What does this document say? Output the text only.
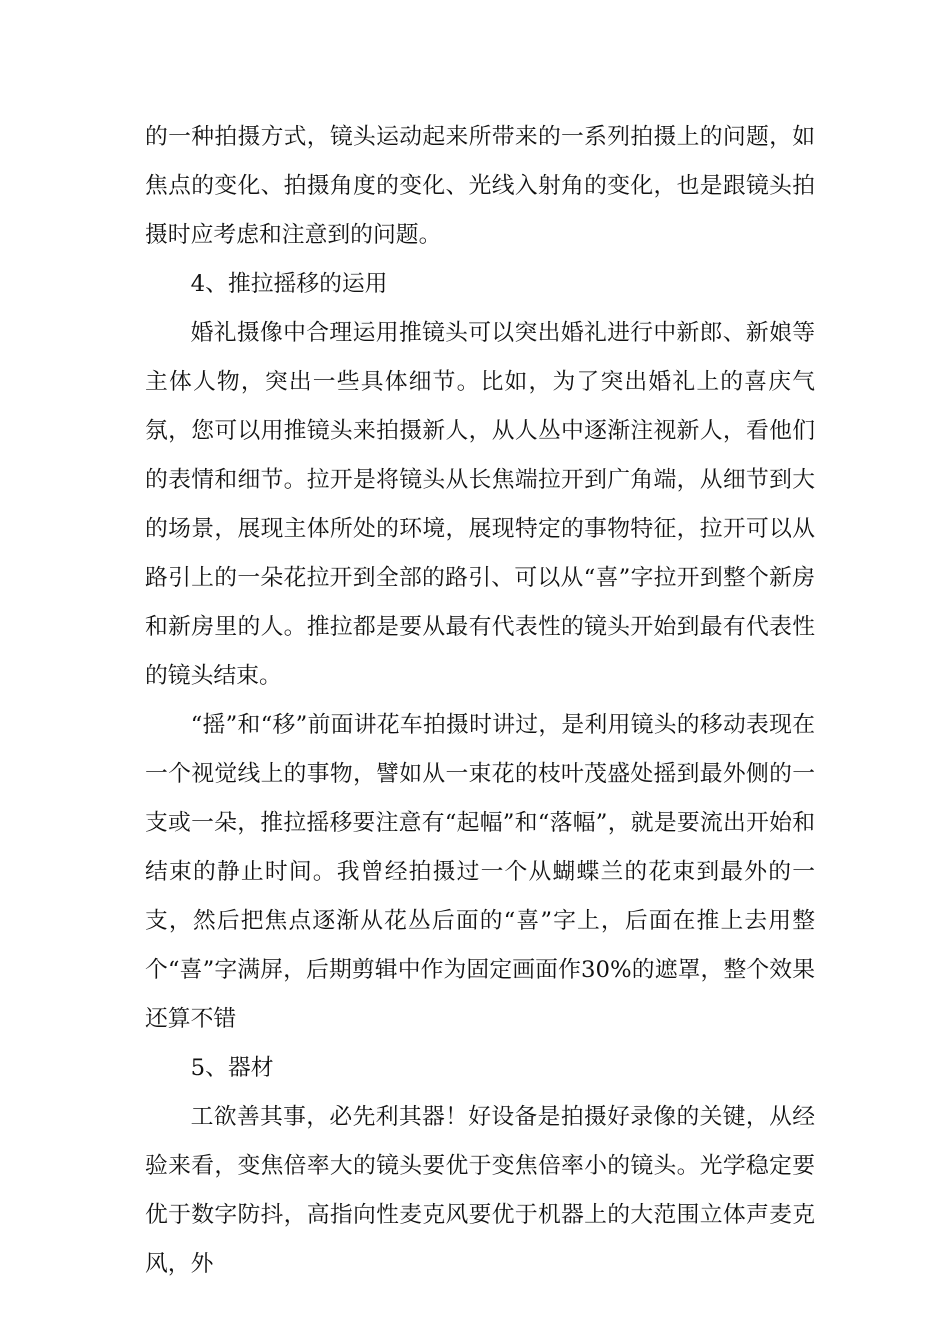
的一种拍摄方式，镜头运动起来所带来的一系列拍摄上的问题，如焦点的变化、拍摄角度的变化、光线入射角的变化，也是跟镜头拍摄时应考虑和注意到的问题。

4、推拉摇移的运用

婚礼摄像中合理运用推镜头可以突出婚礼进行中新郎、新娘等主体人物，突出一些具体细节。比如，为了突出婚礼上的喜庆气氛，您可以用推镜头来拍摄新人，从人丛中逐渐注视新人，看他们的表情和细节。拉开是将镜头从长焦端拉开到广角端，从细节到大的场景，展现主体所处的环境，展现特定的事物特征，拉开可以从路引上的一朵花拉开到全部的路引、可以从“喜”字拉开到整个新房和新房里的人。推拉都是要从最有代表性的镜头开始到最有代表性的镜头结束。

“摇”和“移”前面讲花车拍摄时讲过，是利用镜头的移动表现在一个视觉线上的事物，譬如从一束花的枝叶茂盛处摇到最外侧的一支或一朵，推拉摇移要注意有“起幅”和“落幅”，就是要流出开始和结束的静止时间。我曾经拍摄过一个从蝴蝶兰的花束到最外的一支，然后把焦点逐渐从花丛后面的“喜”字上，后面在推上去用整个“喜”字满屏，后期剪辑中作为固定画面作30%的遮罩，整个效果还算不错

5、器材

工欲善其事，必先利其器！好设备是拍摄好录像的关键，从经验来看，变焦倍率大的镜头要优于变焦倍率小的镜头。光学稳定要优于数字防抖，高指向性麦克风要优于机器上的大范围立体声麦克风，外
